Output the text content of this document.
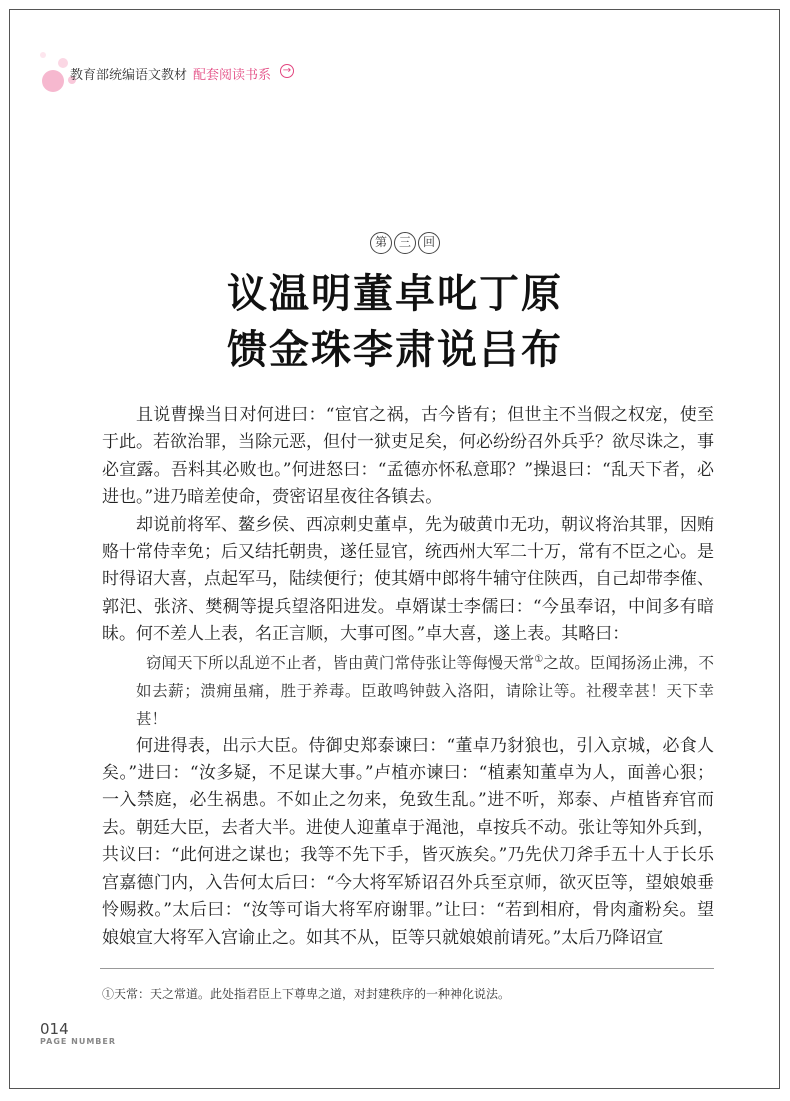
教育部统编语文教材 配套阅读书系 →
第 三 回
议温明董卓叱丁原
馈金珠李肃说吕布

且说曹操当日对何进曰：“宦官之祸，古今皆有；但世主不当假之权宠，使至于此。若欲治罪，当除元恶，但付一狱吏足矣，何必纷纷召外兵乎？欲尽诛之，事必宣露。吾料其必败也。”何进怒曰：“孟德亦怀私意耶？”操退曰：“乱天下者，必进也。”进乃暗差使命，赍密诏星夜往各镇去。

却说前将军、鳌乡侯、西凉刺史董卓，先为破黄巾无功，朝议将治其罪，因贿赂十常侍幸免；后又结托朝贵，遂任显官，统西州大军二十万，常有不臣之心。是时得诏大喜，点起军马，陆续便行；使其婿中郎将牛辅守住陕西，自己却带李傕、郭汜、张济、樊稠等提兵望洛阳进发。卓婿谋士李儒曰：“今虽奉诏，中间多有暗昧。何不差人上表，名正言顺，大事可图。”卓大喜，遂上表。其略曰：

窃闻天下所以乱逆不止者，皆由黄门常侍张让等侮慢天常①之故。臣闻扬汤止沸，不如去薪；溃痈虽痛，胜于养毒。臣敢鸣钟鼓入洛阳，请除让等。社稷幸甚！天下幸甚！

何进得表，出示大臣。侍御史郑泰谏曰：“董卓乃豺狼也，引入京城，必食人矣。”进曰：“汝多疑，不足谋大事。”卢植亦谏曰：“植素知董卓为人，面善心狠；一入禁庭，必生祸患。不如止之勿来，免致生乱。”进不听，郑泰、卢植皆弃官而去。朝廷大臣，去者大半。进使人迎董卓于渑池，卓按兵不动。张让等知外兵到，共议曰：“此何进之谋也；我等不先下手，皆灭族矣。”乃先伏刀斧手五十人于长乐宫嘉德门内，入告何太后曰：“今大将军矫诏召外兵至京师，欲灭臣等，望娘娘垂怜赐救。”太后曰：“汝等可诣大将军府谢罪。”让曰：“若到相府，骨肉齑粉矣。望娘娘宣大将军入宫谕止之。如其不从，臣等只就娘娘前请死。”太后乃降诏宣

①天常：天之常道。此处指君臣上下尊卑之道，对封建秩序的一种神化说法。
014
PAGE NUMBER
